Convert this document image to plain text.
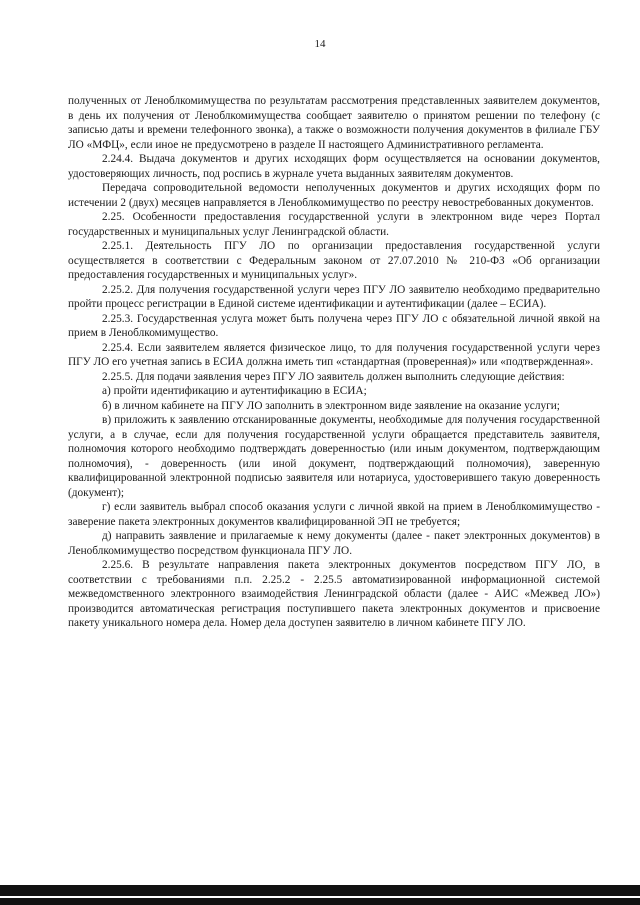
14

полученных от Леноблкомимущества по результатам рассмотрения представленных заявителем документов, в день их получения от Леноблкомимущества сообщает заявителю о принятом решении по телефону (с записью даты и времени телефонного звонка), а также о возможности получения документов в филиале ГБУ ЛО «МФЦ», если иное не предусмотрено в разделе II настоящего Административного регламента.

2.24.4. Выдача документов и других исходящих форм осуществляется на основании документов, удостоверяющих личность, под роспись в журнале учета выданных заявителям документов.

Передача сопроводительной ведомости неполученных документов и других исходящих форм по истечении 2 (двух) месяцев направляется в Леноблкомимущество по реестру невостребованных документов.

2.25. Особенности предоставления государственной услуги в электронном виде через Портал государственных и муниципальных услуг Ленинградской области.

2.25.1. Деятельность ПГУ ЛО по организации предоставления государственной услуги осуществляется в соответствии с Федеральным законом от 27.07.2010 № 210-ФЗ «Об организации предоставления государственных и муниципальных услуг».

2.25.2. Для получения государственной услуги через ПГУ ЛО заявителю необходимо предварительно пройти процесс регистрации в Единой системе идентификации и аутентификации (далее – ЕСИА).

2.25.3. Государственная услуга может быть получена через ПГУ ЛО с обязательной личной явкой на прием в Леноблкомимущество.

2.25.4. Если заявителем является физическое лицо, то для получения государственной услуги через ПГУ ЛО его учетная запись в ЕСИА должна иметь тип «стандартная (проверенная)» или «подтвержденная».

2.25.5. Для подачи заявления через ПГУ ЛО заявитель должен выполнить следующие действия:

а) пройти идентификацию и аутентификацию в ЕСИА;

б) в личном кабинете на ПГУ ЛО заполнить в электронном виде заявление на оказание услуги;

в) приложить к заявлению отсканированные документы, необходимые для получения государственной услуги, а в случае, если для получения государственной услуги обращается представитель заявителя, полномочия которого необходимо подтверждать доверенностью (или иным документом, подтверждающим полномочия), - доверенность (или иной документ, подтверждающий полномочия), заверенную квалифицированной электронной подписью заявителя или нотариуса, удостоверившего такую доверенность (документ);

г) если заявитель выбрал способ оказания услуги с личной явкой на прием в Леноблкомимущество - заверение пакета электронных документов квалифицированной ЭП не требуется;

д) направить заявление и прилагаемые к нему документы (далее - пакет электронных документов) в Леноблкомимущество посредством функционала ПГУ ЛО.

2.25.6. В результате направления пакета электронных документов посредством ПГУ ЛО, в соответствии с требованиями п.п. 2.25.2 - 2.25.5 автоматизированной информационной системой межведомственного электронного взаимодействия Ленинградской области (далее - АИС «Межвед ЛО») производится автоматическая регистрация поступившего пакета электронных документов и присвоение пакету уникального номера дела. Номер дела доступен заявителю в личном кабинете ПГУ ЛО.
